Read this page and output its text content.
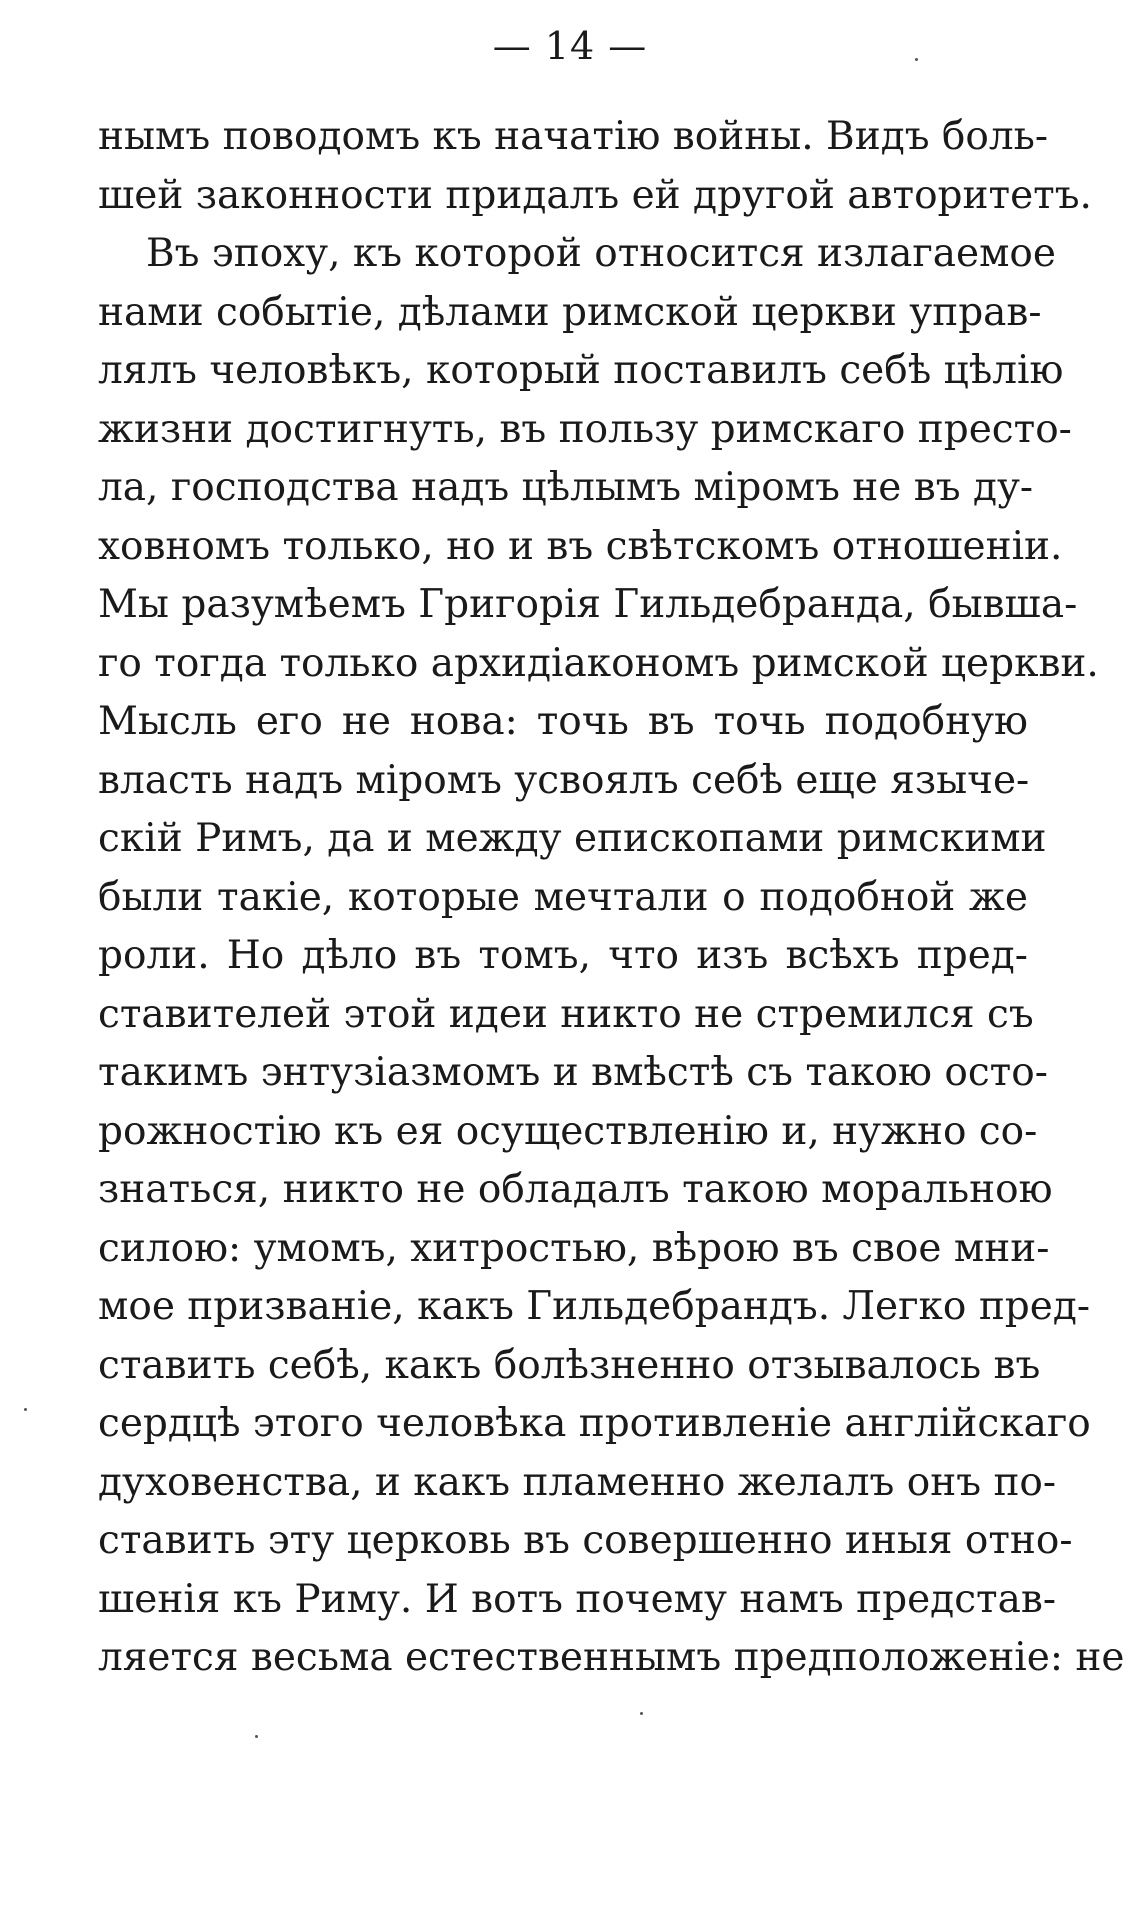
— 14 —
нымъ поводомъ къ начатію войны. Видъ боль-
шей законности придалъ ей другой авторитетъ.
Въ эпоху, къ которой относится излагаемое
нами событіе, дѣлами римской церкви управ-
лялъ человѣкъ, который поставилъ себѣ цѣлію
жизни достигнуть, въ пользу римскаго престо-
ла, господства надъ цѣлымъ міромъ не въ ду-
ховномъ только, но и въ свѣтскомъ отношеніи.
Мы разумѣемъ Григорія Гильдебранда, бывша-
го тогда только архидіакономъ римской церкви.
Мысль его не нова: точь въ точь подобную
власть надъ міромъ усвоялъ себѣ еще языче-
скій Римъ, да и между епископами римскими
были такіе, которые мечтали о подобной же
роли. Но дѣло въ томъ, что изъ всѣхъ пред-
ставителей этой идеи никто не стремился съ
такимъ энтузіазмомъ и вмѣстѣ съ такою осто-
рожностію къ ея осуществленію и, нужно со-
знаться, никто не обладалъ такою моральною
силою: умомъ, хитростью, вѣрою въ свое мни-
мое призваніе, какъ Гильдебрандъ. Легко пред-
ставить себѣ, какъ болѣзненно отзывалось въ
сердцѣ этого человѣка противленіе англійскаго
духовенства, и какъ пламенно желалъ онъ по-
ставить эту церковь въ совершенно иныя отно-
шенія къ Риму. И вотъ почему намъ представ-
ляется весьма естественнымъ предположеніе: не
